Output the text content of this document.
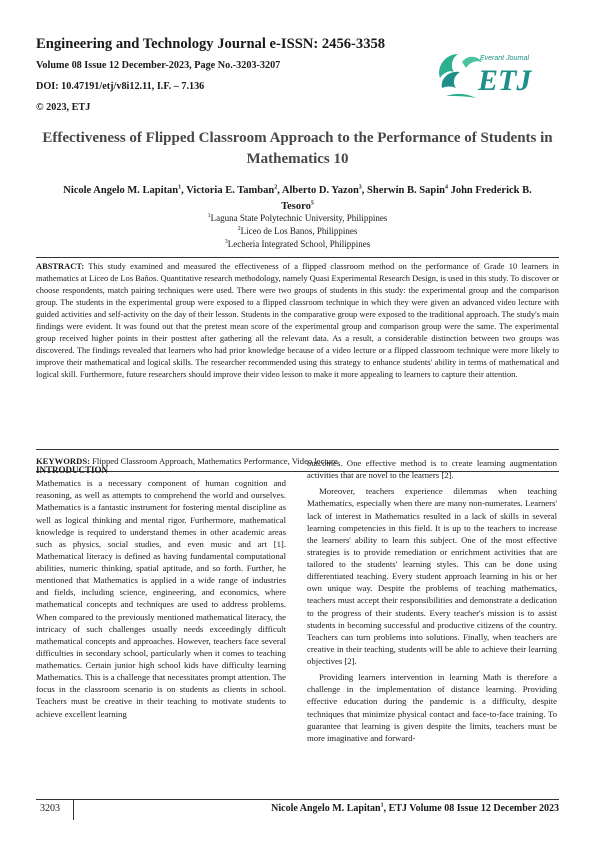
Engineering and Technology Journal e-ISSN: 2456-3358
Volume 08 Issue 12 December-2023, Page No.-3203-3207
DOI: 10.47191/etj/v8i12.11, I.F. – 7.136
© 2023, ETJ
Everant Journal
ETJ
Effectiveness of Flipped Classroom Approach to the Performance of Students in Mathematics 10
Nicole Angelo M. Lapitan$^1$, Victoria E. Tamban$^2$, Alberto D. Yazon$^3$, Sherwin B. Sapin$^4$ John Frederick B. Tesoro$^5$
$^1$Laguna State Polytechnic University, Philippines
$^2$Liceo de Los Banos, Philippines
$^3$Lecheria Integrated School, Philippines
ABSTRACT: This study examined and measured the effectiveness of a flipped classroom method on the performance of Grade 10 learners in mathematics at Liceo de Los Baños. Quantitative research methodology, namely Quasi Experimental Research Design, is used in this study. To discover or choose respondents, match pairing techniques were used. There were two groups of students in this study: the experimental group and the comparison group. The students in the experimental group were exposed to a flipped classroom technique in which they were given an advanced video lecture with guided activities and self-activity on the day of their lesson. Students in the comparative group were exposed to the traditional approach. The study's main findings were evident. It was found out that the pretest mean score of the experimental group and comparison group were the same. The experimental group received higher points in their posttest after gathering all the relevant data. As a result, a considerable distinction between two groups was discovered. The findings revealed that learners who had prior knowledge because of a video lecture or a flipped classroom technique were more likely to improve their mathematical and logical skills. The researcher recommended using this strategy to enhance students' ability in terms of mathematical and logical skill. Furthermore, future researchers should improve their video lesson to make it more appealing to learners to capture their attention.
KEYWORDS: Flipped Classroom Approach, Mathematics Performance, Video lecture
INTRODUCTION

Mathematics is a necessary component of human cognition and reasoning, as well as attempts to comprehend the world and ourselves. Mathematics is a fantastic instrument for fostering mental discipline as well as logical thinking and mental rigor. Furthermore, mathematical knowledge is required to understand themes in other academic areas such as physics, social studies, and even music and art [1]. Mathematical literacy is defined as having fundamental computational abilities, numeric thinking, spatial aptitude, and so forth. Further, he mentioned that Mathematics is applied in a wide range of industries and fields, including science, engineering, and economics, where mathematical concepts and techniques are used to address problems. When compared to the previously mentioned mathematical literacy, the intricacy of such challenges usually needs exceedingly difficult mathematical concepts and approaches. However, teachers face several difficulties in secondary school, particularly when it comes to teaching mathematics. Certain junior high school kids have difficulty learning Mathematics. This is a challenge that necessitates prompt attention. The focus in the classroom scenario is on students as clients in school. Teachers must be creative in their teaching to motivate students to achieve excellent learning

outcomes. One effective method is to create learning augmentation activities that are novel to the learners [2].

Moreover, teachers experience dilemmas when teaching Mathematics, especially when there are many non-numerates. Learners' lack of interest in Mathematics resulted in a lack of skills in several learning competencies in this field. It is up to the teachers to increase the learners' ability to learn this subject. One of the most effective strategies is to provide remediation or enrichment activities that are tailored to the students' learning styles. This can be done using differentiated teaching. Every student approach learning in his or her own unique way. Despite the problems of teaching mathematics, teachers must accept their responsibilities and demonstrate a dedication to the progress of their students. Every teacher's mission is to assist students in becoming successful and productive citizens of the country. Teachers can turn problems into solutions. Finally, when teachers are creative in their teaching, students will be able to achieve their learning objectives [2].

Providing learners intervention in learning Math is therefore a challenge in the implementation of distance learning. Providing effective education during the pandemic is a difficulty, despite techniques that minimize physical contact and face-to-face training. To guarantee that learning is given despite the limits, teachers must be more imaginative and forward-

3203	Nicole Angelo M. Lapitan$^1$, ETJ Volume 08 Issue 12 December 2023
